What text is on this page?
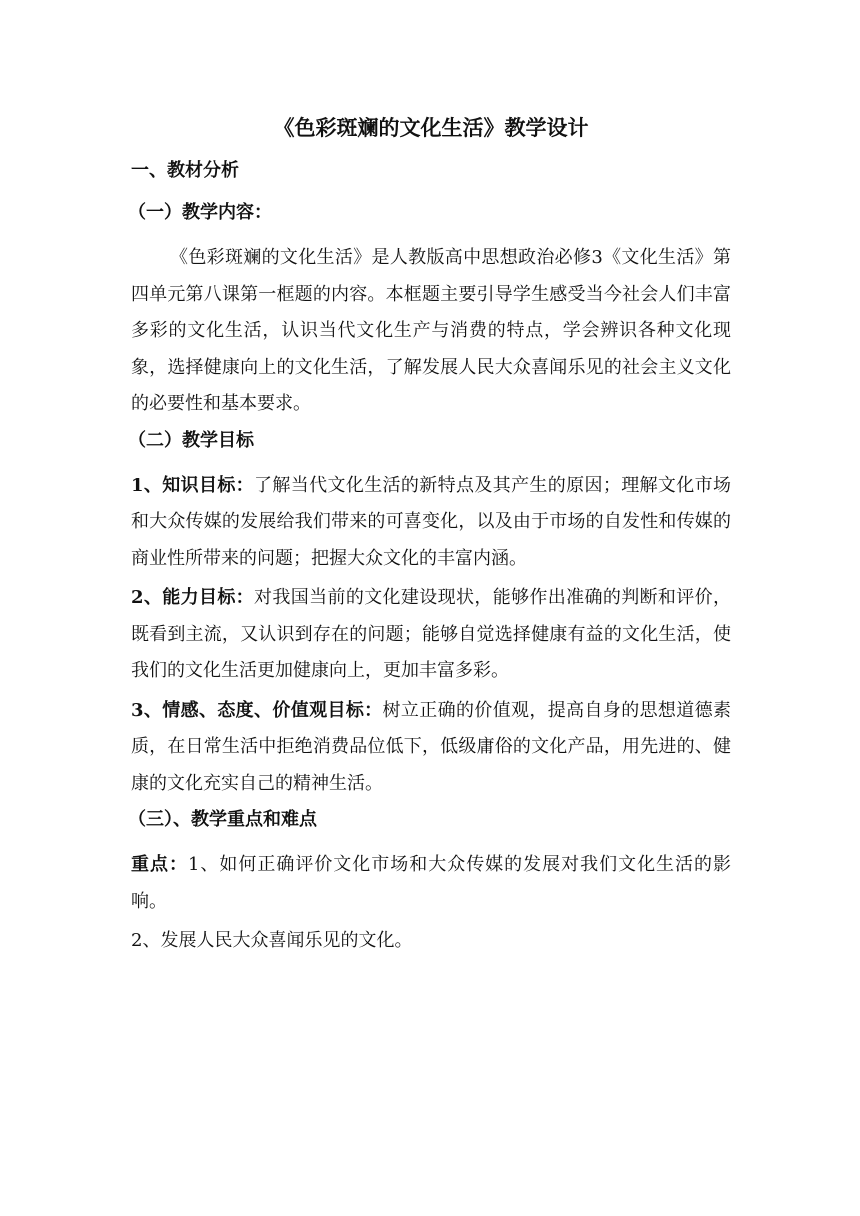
《色彩斑斓的文化生活》教学设计
一、教材分析
（一）教学内容：

《色彩斑斓的文化生活》是人教版高中思想政治必修3《文化生活》第四单元第八课第一框题的内容。本框题主要引导学生感受当今社会人们丰富多彩的文化生活，认识当代文化生产与消费的特点，学会辨识各种文化现象，选择健康向上的文化生活，了解发展人民大众喜闻乐见的社会主义文化的必要性和基本要求。

（二）教学目标

1、知识目标：了解当代文化生活的新特点及其产生的原因；理解文化市场和大众传媒的发展给我们带来的可喜变化，以及由于市场的自发性和传媒的商业性所带来的问题；把握大众文化的丰富内涵。

2、能力目标：对我国当前的文化建设现状，能够作出准确的判断和评价，既看到主流，又认识到存在的问题；能够自觉选择健康有益的文化生活，使我们的文化生活更加健康向上，更加丰富多彩。

3、情感、态度、价值观目标：树立正确的价值观，提高自身的思想道德素质，在日常生活中拒绝消费品位低下，低级庸俗的文化产品，用先进的、健康的文化充实自己的精神生活。

（三）、教学重点和难点

重点：1、如何正确评价文化市场和大众传媒的发展对我们文化生活的影响。

2、发展人民大众喜闻乐见的文化。
